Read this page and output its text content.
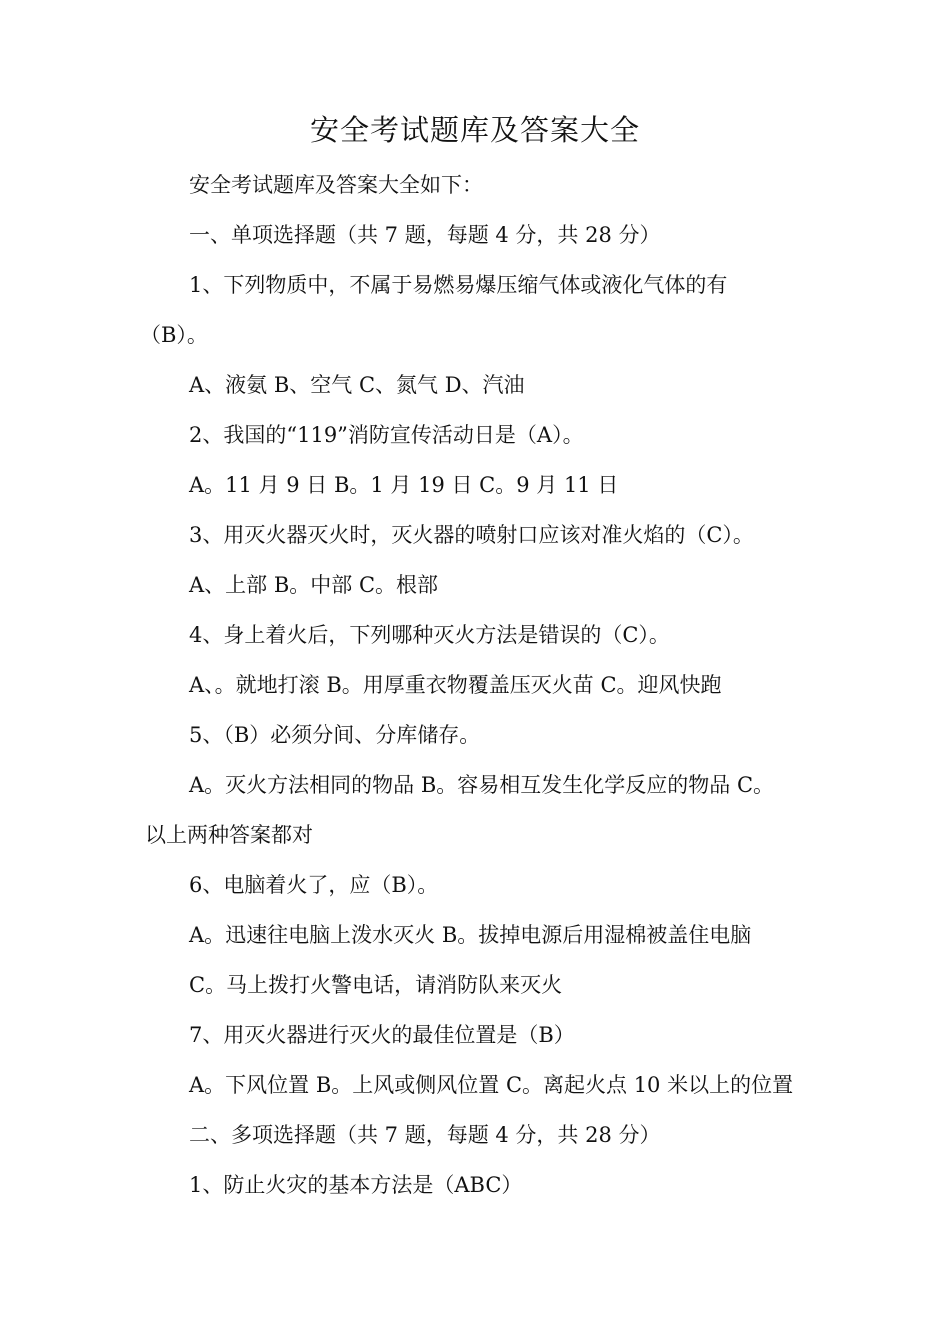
安全考试题库及答案大全
安全考试题库及答案大全如下：
一、单项选择题（共 7 题，每题 4 分，共 28 分）
1、下列物质中，不属于易燃易爆压缩气体或液化气体的有
（B）。
A、液氨 B、空气 C、氮气 D、汽油
2、我国的“119”消防宣传活动日是（A）。
A。11 月 9 日 B。1 月 19 日 C。9 月 11 日
3、用灭火器灭火时，灭火器的喷射口应该对准火焰的（C）。
A、上部 B。中部 C。根部
4、身上着火后，下列哪种灭火方法是错误的（C）。
A、。就地打滚 B。用厚重衣物覆盖压灭火苗 C。迎风快跑
5、（B）必须分间、分库储存。
A。灭火方法相同的物品 B。容易相互发生化学反应的物品 C。
以上两种答案都对
6、电脑着火了，应（B）。
A。迅速往电脑上泼水灭火 B。拔掉电源后用湿棉被盖住电脑
C。马上拨打火警电话，请消防队来灭火
7、用灭火器进行灭火的最佳位置是（B）
A。下风位置 B。上风或侧风位置 C。离起火点 10 米以上的位置
二、多项选择题（共 7 题，每题 4 分，共 28 分）
1、防止火灾的基本方法是（ABC）
